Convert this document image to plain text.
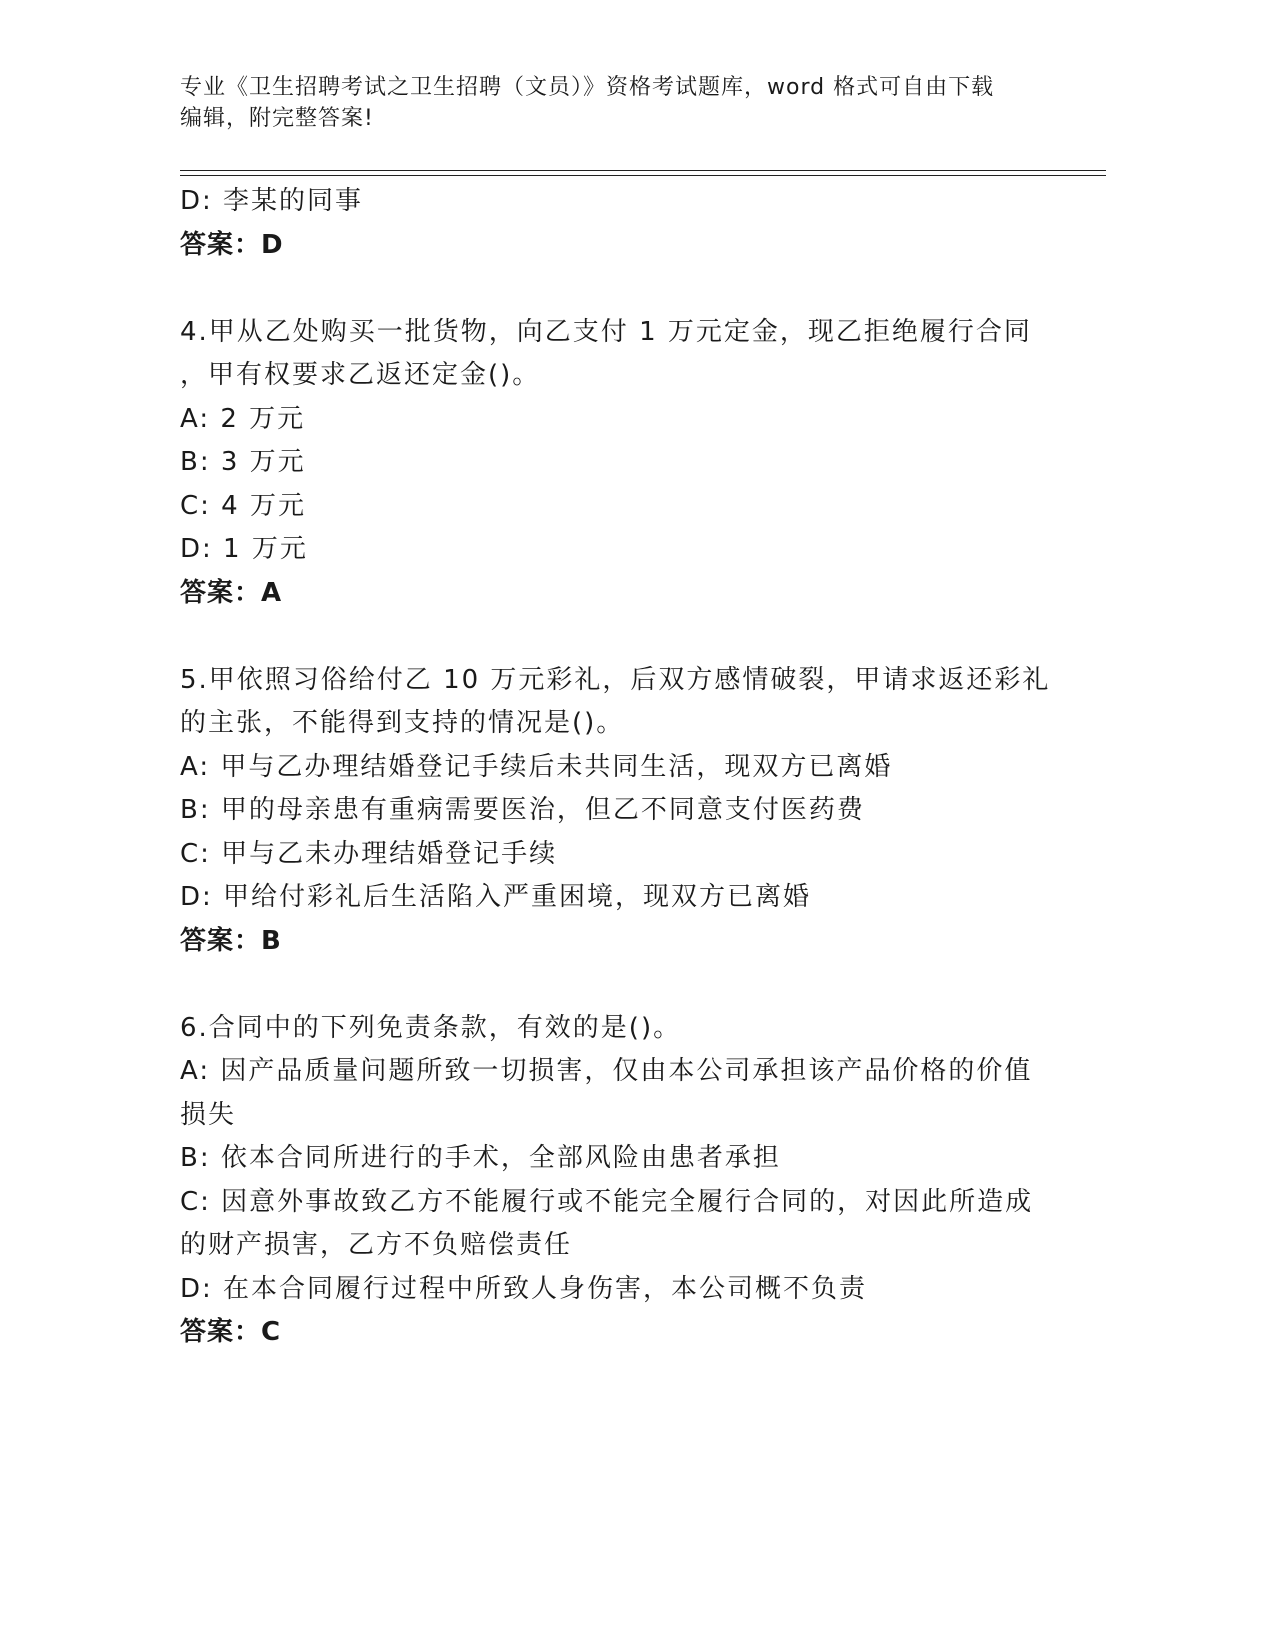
专业《卫生招聘考试之卫生招聘（文员）》资格考试题库，word 格式可自由下载
编辑，附完整答案!
D: 李某的同事
答案：D
4.甲从乙处购买一批货物，向乙支付 1 万元定金，现乙拒绝履行合同
，甲有权要求乙返还定金()。
A: 2 万元
B: 3 万元
C: 4 万元
D: 1 万元
答案：A
5.甲依照习俗给付乙 10 万元彩礼，后双方感情破裂，甲请求返还彩礼
的主张，不能得到支持的情况是()。
A: 甲与乙办理结婚登记手续后未共同生活，现双方已离婚
B: 甲的母亲患有重病需要医治，但乙不同意支付医药费
C: 甲与乙未办理结婚登记手续
D: 甲给付彩礼后生活陷入严重困境，现双方已离婚
答案：B
6.合同中的下列免责条款，有效的是()。
A: 因产品质量问题所致一切损害，仅由本公司承担该产品价格的价值
损失
B: 依本合同所进行的手术，全部风险由患者承担
C: 因意外事故致乙方不能履行或不能完全履行合同的，对因此所造成
的财产损害，乙方不负赔偿责任
D: 在本合同履行过程中所致人身伤害，本公司概不负责
答案：C
